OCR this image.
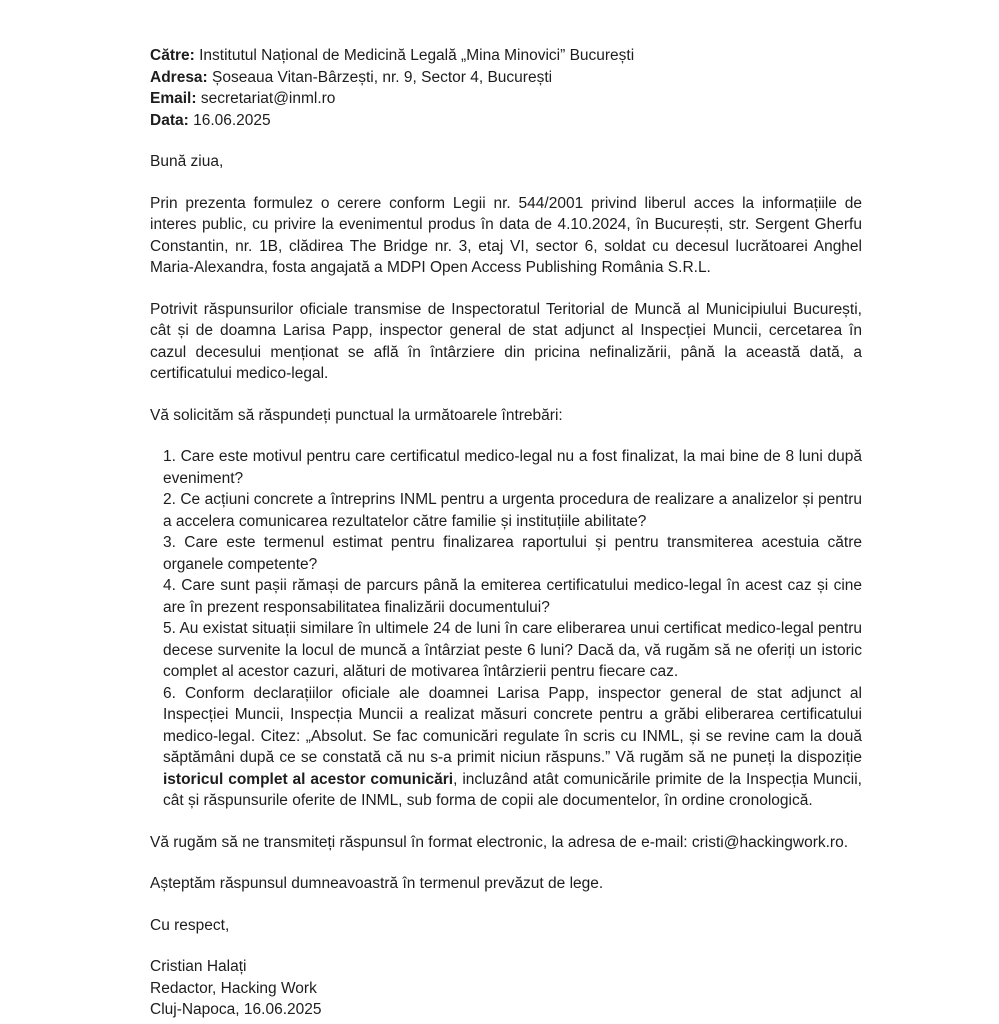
Către: Institutul Național de Medicină Legală „Mina Minovici” București
Adresa: Șoseaua Vitan-Bârzești, nr. 9, Sector 4, București
Email: secretariat@inml.ro
Data: 16.06.2025

Bună ziua,

Prin prezenta formulez o cerere conform Legii nr. 544/2001 privind liberul acces la informațiile de interes public, cu privire la evenimentul produs în data de 4.10.2024, în București, str. Sergent Gherfu Constantin, nr. 1B, clădirea The Bridge nr. 3, etaj VI, sector 6, soldat cu decesul lucrătoarei Anghel Maria-Alexandra, fosta angajată a MDPI Open Access Publishing România S.R.L.

Potrivit răspunsurilor oficiale transmise de Inspectoratul Teritorial de Muncă al Municipiului București, cât și de doamna Larisa Papp, inspector general de stat adjunct al Inspecției Muncii, cercetarea în cazul decesului menționat se află în întârziere din pricina nefinalizării, până la această dată, a certificatului medico-legal.

Vă solicităm să răspundeți punctual la următoarele întrebări:

1. Care este motivul pentru care certificatul medico-legal nu a fost finalizat, la mai bine de 8 luni după eveniment?
2. Ce acțiuni concrete a întreprins INML pentru a urgenta procedura de realizare a analizelor și pentru a accelera comunicarea rezultatelor către familie și instituțiile abilitate?
3. Care este termenul estimat pentru finalizarea raportului și pentru transmiterea acestuia către organele competente?
4. Care sunt pașii rămași de parcurs până la emiterea certificatului medico-legal în acest caz și cine are în prezent responsabilitatea finalizării documentului?
5. Au existat situații similare în ultimele 24 de luni în care eliberarea unui certificat medico-legal pentru decese survenite la locul de muncă a întârziat peste 6 luni? Dacă da, vă rugăm să ne oferiți un istoric complet al acestor cazuri, alături de motivarea întârzierii pentru fiecare caz.
6. Conform declarațiilor oficiale ale doamnei Larisa Papp, inspector general de stat adjunct al Inspecției Muncii, Inspecția Muncii a realizat măsuri concrete pentru a grăbi eliberarea certificatului medico-legal. Citez: „Absolut. Se fac comunicări regulate în scris cu INML, și se revine cam la două săptămâni după ce se constată că nu s-a primit niciun răspuns.” Vă rugăm să ne puneți la dispoziție istoricul complet al acestor comunicări, incluzând atât comunicările primite de la Inspecția Muncii, cât și răspunsurile oferite de INML, sub forma de copii ale documentelor, în ordine cronologică.

Vă rugăm să ne transmiteți răspunsul în format electronic, la adresa de e-mail: cristi@hackingwork.ro.

Așteptăm răspunsul dumneavoastră în termenul prevăzut de lege.

Cu respect,

Cristian Halați
Redactor, Hacking Work
Cluj-Napoca, 16.06.2025
